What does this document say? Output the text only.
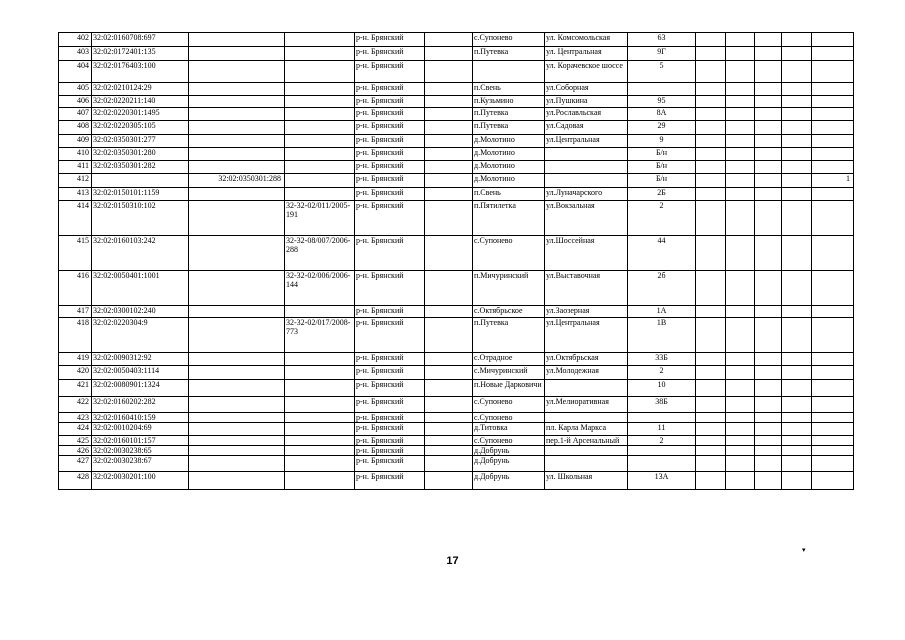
402	32:02:0160708:697			р-н. Брянский		с.Супонево	ул. Комсомольская	63					
403	32:02:0172401:135			р-н. Брянский		п.Путевка	ул. Центральная	9Г					
404	32:02:0176403:100			р-н. Брянский			ул. Корачевское шоссе	5					
405	32:02:0210124:29			р-н. Брянский		п.Свень	ул.Соборная						
406	32:02:0220211:140			р-н. Брянский		п.Кузьмино	ул.Пушкина	95					
407	32:02:0220301:1495			р-н. Брянский		п.Путевка	ул.Рославльская	8А					
408	32:02:0220305:105			р-н. Брянский		п.Путевка	ул.Садовая	29					
409	32:02:0350301:277			р-н. Брянский		д.Молотино	ул.Центральная	9					
410	32:02:0350301:280			р-н. Брянский		д.Молотино		Б/н					
411	32:02:0350301:282			р-н. Брянский		д.Молотино		Б/н					
412		32:02:0350301:288		р-н. Брянский		д.Молотино		Б/н					1
413	32:02:0150101:1159			р-н. Брянский		п.Свень	ул.Луначарского	2Б					
414	32:02:0150310:102		32-32-02/011/2005-191	р-н. Брянский		п.Пятилетка	ул.Вокзальная	2					
415	32:02:0160103:242		32-32-08/007/2006-288	р-н. Брянский		с.Супонево	ул.Шоссейная	44					
416	32:02:0050401:1001		32-32-02/006/2006-144	р-н. Брянский		п.Мичуринский	ул.Выставочная	2б					
417	32:02:0300102:240			р-н. Брянский		с.Октябрьское	ул.Заозерная	1А					
418	32:02:0220304:9		32-32-02/017/2008-773	р-н. Брянский		п.Путевка	ул.Центральная	1В					
419	32:02:0090312:92			р-н. Брянский		с.Отрадное	ул.Октябрьская	33Б					
420	32:02:0050403:1114			р-н. Брянский		с.Мичуринский	ул.Молодежная	2					
421	32:02:0080901:1324			р-н. Брянский		п.Новые Дарковичи		10					
422	32:02:0160202:282			р-н. Брянский		с.Супонево	ул.Мелиоративная	38Б					
423	32:02:0160410:159			р-н. Брянский		с.Супонево							
424	32:02:0010204:69			р-н. Брянский		д.Титовка	пл. Карла Маркса	11					
425	32:02:0160101:157			р-н. Брянский		с.Супонево	пер.1-й Арсенальный	2					
426	32:02:0030238:65			р-н. Брянский		д.Добрунь							
427	32:02:0030238:67			р-н. Брянский		д.Добрунь							
428	32:02:0030201:100			р-н. Брянский		д.Добрунь	ул. Школьная	13А					
17
▾
